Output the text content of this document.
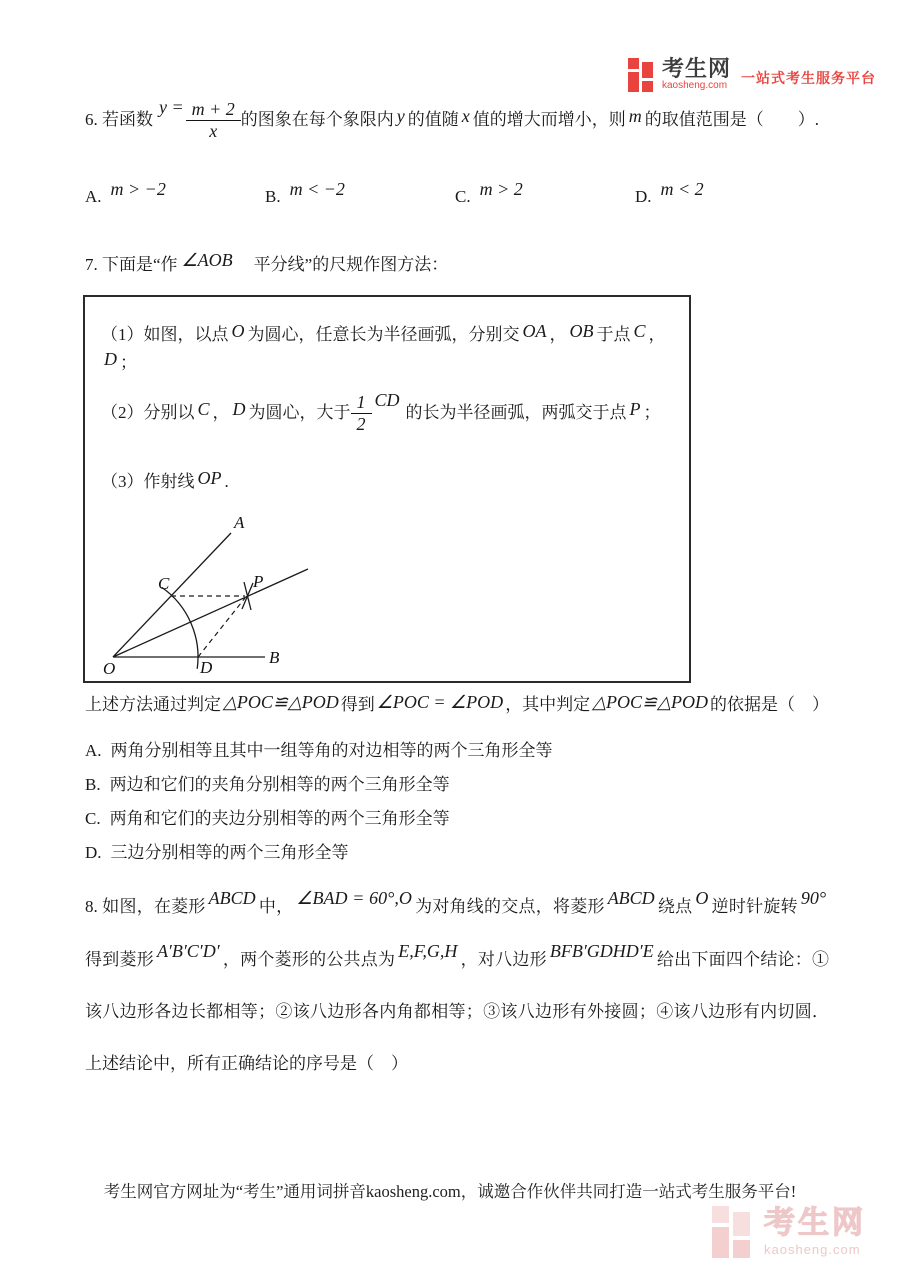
考生网
kaosheng.com 一站式考生服务平台
6. 若函数$y = \frac{m + 2}{x}$ 的图象在每个象限内 y 的值随 x 值的增大而增小，则 m 的取值范围是（　　）.
A. m > −2	B. m < −2	C. m > 2	D. m < 2
7. 下面是“作 ∠AOB　平分线”的尺规作图方法：

（1）如图，以点 O 为圆心，任意长为半径画弧，分别交 OA ， OB 于点 C ，D ；

（2）分别以 C ， D 为圆心，大于 $\frac{1}{2}$ CD的长为半径画弧，两弧交于点 P ；

（3）作射线 OP .

A
B
C
D
O
P
上述方法通过判定 △POC≌△POD 得到 ∠POC = ∠POD ，其中判定 △POC≌△POD 的依据是（　）

A. 两角分别相等且其中一组等角的对边相等的两个三角形全等

B. 两边和它们的夹角分别相等的两个三角形全等

C. 两角和它们的夹边分别相等的两个三角形全等

D. 三边分别相等的两个三角形全等

8. 如图，在菱形 ABCD 中， ∠BAD = 60°,O 为对角线的交点，将菱形 ABCD 绕点 O 逆时针旋转 90°得到菱形 A′B′C′D′ ，两个菱形的公共点为 E,F,G,H ，对八边形 BFB′GDHD′E 给出下面四个结论：①该八边形各边长都相等；②该八边形各内角都相等；③该八边形有外接圆；④该八边形有内切圆．上述结论中，所有正确结论的序号是（　）
考生网官方网址为“考生”通用词拼音kaosheng.com，诚邀合作伙伴共同打造一站式考生服务平台!
考生网
kaosheng.com
